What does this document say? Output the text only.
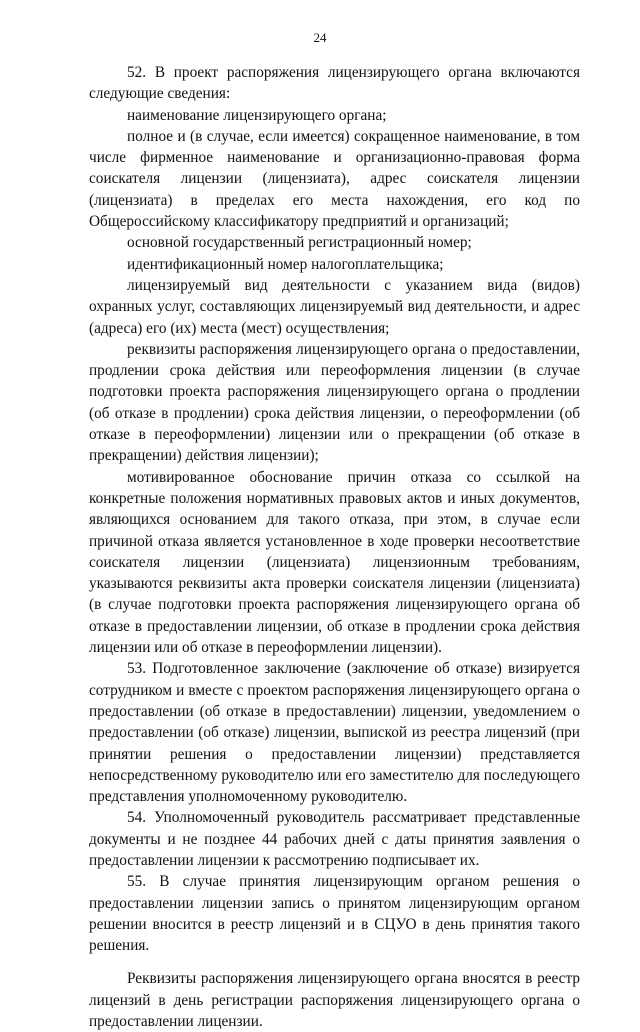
24

52. В проект распоряжения лицензирующего органа включаются следующие сведения:

наименование лицензирующего органа;

полное и (в случае, если имеется) сокращенное наименование, в том числе фирменное наименование и организационно-правовая форма соискателя лицензии (лицензиата), адрес соискателя лицензии (лицензиата) в пределах его места нахождения, его код по Общероссийскому классификатору предприятий и организаций;

основной государственный регистрационный номер;

идентификационный номер налогоплательщика;

лицензируемый вид деятельности с указанием вида (видов) охранных услуг, составляющих лицензируемый вид деятельности, и адрес (адреса) его (их) места (мест) осуществления;

реквизиты распоряжения лицензирующего органа о предоставлении, продлении срока действия или переоформления лицензии (в случае подготовки проекта распоряжения лицензирующего органа о продлении (об отказе в продлении) срока действия лицензии, о переоформлении (об отказе в переоформлении) лицензии или о прекращении (об отказе в прекращении) действия лицензии);

мотивированное обоснование причин отказа со ссылкой на конкретные положения нормативных правовых актов и иных документов, являющихся основанием для такого отказа, при этом, в случае если причиной отказа является установленное в ходе проверки несоответствие соискателя лицензии (лицензиата) лицензионным требованиям, указываются реквизиты акта проверки соискателя лицензии (лицензиата) (в случае подготовки проекта распоряжения лицензирующего органа об отказе в предоставлении лицензии, об отказе в продлении срока действия лицензии или об отказе в переоформлении лицензии).

53. Подготовленное заключение (заключение об отказе) визируется сотрудником и вместе с проектом распоряжения лицензирующего органа о предоставлении (об отказе в предоставлении) лицензии, уведомлением о предоставлении (об отказе) лицензии, выпиской из реестра лицензий (при принятии решения о предоставлении лицензии) представляется непосредственному руководителю или его заместителю для последующего представления уполномоченному руководителю.

54. Уполномоченный руководитель рассматривает представленные документы и не позднее 44 рабочих дней с даты принятия заявления о предоставлении лицензии к рассмотрению подписывает их.

55. В случае принятия лицензирующим органом решения о предоставлении лицензии запись о принятом лицензирующим органом решении вносится в реестр лицензий и в СЦУО в день принятия такого решения.

Реквизиты распоряжения лицензирующего органа вносятся в реестр лицензий в день регистрации распоряжения лицензирующего органа о предоставлении лицензии.
